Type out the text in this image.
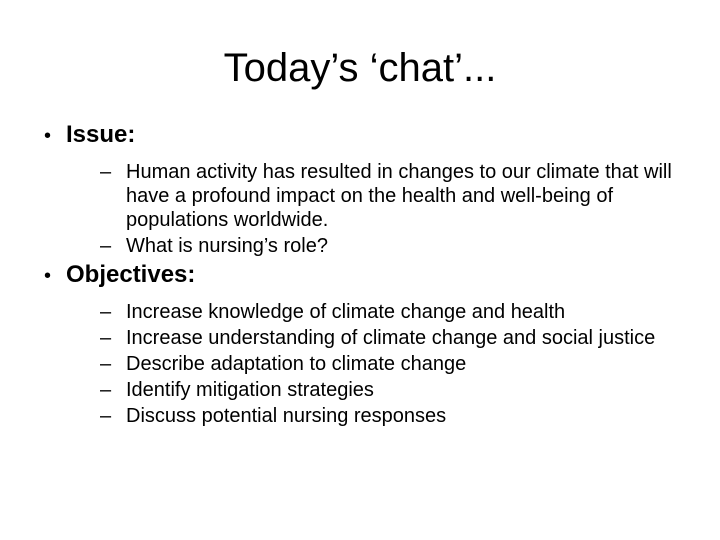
Today’s ‘chat’...
• Issue:
– Human activity has resulted in changes to our climate that will have a profound impact on the health and well-being of populations worldwide.
– What is nursing’s role?
• Objectives:
– Increase knowledge of climate change and health
– Increase understanding of climate change and social justice
– Describe adaptation to climate change
– Identify mitigation strategies
– Discuss potential nursing responses
